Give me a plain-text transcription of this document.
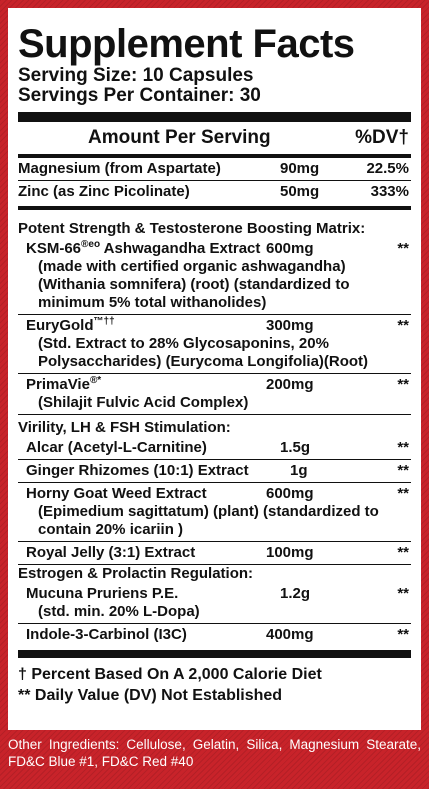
Supplement Facts
Serving Size: 10 Capsules
Servings Per Container: 30
Amount Per Serving	%DV†
Magnesium (from Aspartate)	90mg	22.5%
Zinc (as Zinc Picolinate)	50mg	333%
Potent Strength & Testosterone Boosting Matrix:
KSM-$66^{®eo}$ Ashwagandha Extract 600mg	**
(made with certified organic ashwagandha)
(Withania somnifera) (root) (standardized to
minimum 5% total withanolides)
EuryGold™††	300mg	**
(Std. Extract to 28% Glycosaponins, 20%
Polysaccharides) (Eurycoma Longifolia)(Root)
PrimaVie®*	200mg	**
(Shilajit Fulvic Acid Complex)
Virility, LH & FSH Stimulation:
Alcar (Acetyl-L-Carnitine)	1.5g	**
Ginger Rhizomes (10:1) Extract	1g	**
Horny Goat Weed Extract	600mg	**
(Epimedium sagittatum) (plant) (standardized to
contain 20% icariin )
Royal Jelly (3:1) Extract	100mg	**
Estrogen & Prolactin Regulation:
Mucuna Pruriens P.E.	1.2g	**
(std. min. 20% L-Dopa)
Indole-3-Carbinol (I3C)	400mg	**
† Percent Based On A 2,000 Calorie Diet
** Daily Value (DV) Not Established
Other Ingredients: Cellulose, Gelatin, Silica, Magnesium Stearate, FD&C Blue #1, FD&C Red #40
